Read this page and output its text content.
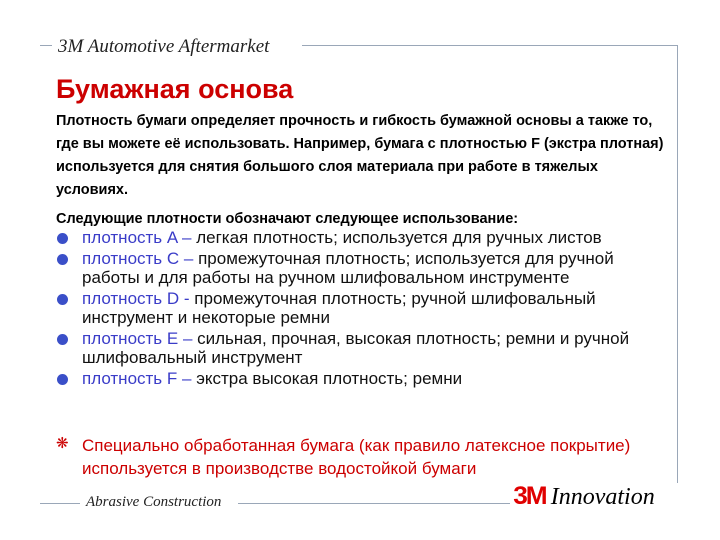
3M Automotive Aftermarket
Бумажная основа

Плотность бумаги определяет прочность и гибкость бумажной основы а также то, где вы можете её использовать. Например, бумага с плотностью F (экстра плотная) используется для снятия большого слоя материала при работе в тяжелых условиях.

Следующие плотности обозначают следующее использование:

плотность A – легкая плотность; используется для ручных листов
плотность C – промежуточная плотность; используется для ручной работы и для работы на ручном шлифовальном инструменте
плотность D - промежуточная плотность; ручной шлифовальный инструмент и некоторые ремни
плотность E – сильная, прочная, высокая плотность; ремни и ручной шлифовальный инструмент
плотность F – экстра высокая плотность; ремни
❋ Специально обработанная бумага (как правило латексное покрытие) используется в производстве водостойкой бумаги
Abrasive Construction	3M Innovation
